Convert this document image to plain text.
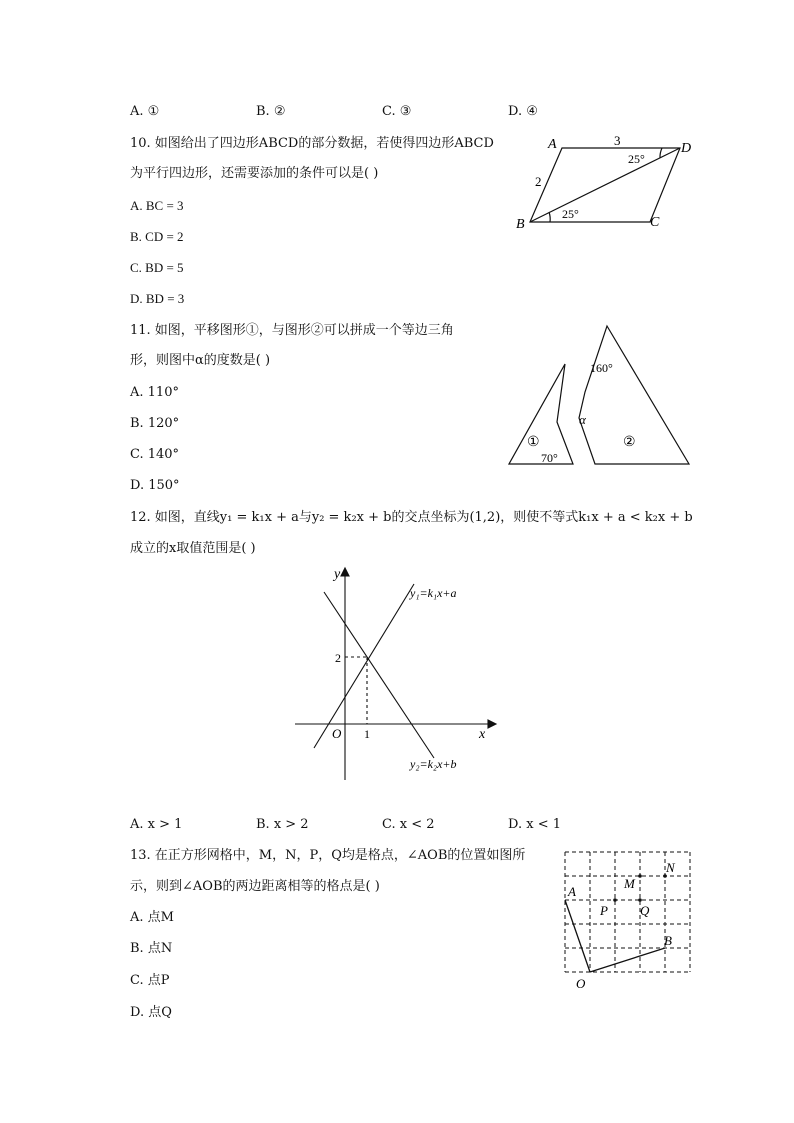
A. ①	B. ②	C. ③	D. ④
10. 如图给出了四边形ABCD的部分数据，若使得四边形ABCD
为平行四边形，还需要添加的条件可以是( )
A. BC = 3
B. CD = 2
C. BD = 5
D. BD = 3
A	D
B	C
3
2
25°
25°
11. 如图，平移图形①，与图形②可以拼成一个等边三角
形，则图中α的度数是( )
A. 110°
B. 120°
C. 140°
D. 150°
①	②
70°
160°
α
12. 如图，直线y₁ = k₁x + a与y₂ = k₂x + b的交点坐标为(1,2)，则使不等式k₁x + a < k₂x + b
成立的x取值范围是( )
y
x
O 1
2
y₁=k₁x+a
y₂=k₂x+b
A. x > 1	B. x > 2	C. x < 2	D. x < 1
13. 在正方形网格中，M，N，P，Q均是格点，∠AOB的位置如图所
示，则到∠AOB的两边距离相等的格点是( )
A. 点M
B. 点N
C. 点P
D. 点Q
N
M
A
P Q
B
O
